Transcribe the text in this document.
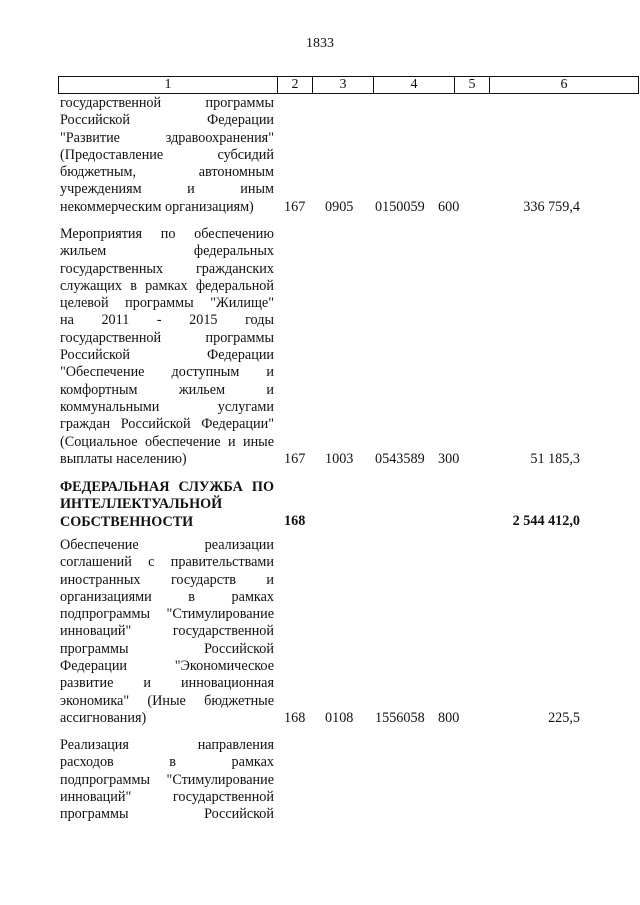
1833
1	2	3	4	5	6
государственной программы
Российской Федерации
"Развитие здравоохранения"
(Предоставление субсидий
бюджетным, автономным
учреждениям и иным
некоммерческим организациям)	167 0905 0150059 600	336 759,4
Мероприятия по обеспечению
жильем федеральных
государственных гражданских
служащих в рамках федеральной
целевой программы "Жилище"
на 2011 - 2015 годы
государственной программы
Российской Федерации
"Обеспечение доступным и
комфортным жильем и
коммунальными услугами
граждан Российской Федерации"
(Социальное обеспечение и иные
выплаты населению)	167 1003 0543589 300	51 185,3
ФЕДЕРАЛЬНАЯ СЛУЖБА ПО
ИНТЕЛЛЕКТУАЛЬНОЙ
СОБСТВЕННОСТИ	168	2 544 412,0
Обеспечение реализации
соглашений с правительствами
иностранных государств и
организациями в рамках
подпрограммы "Стимулирование
инноваций" государственной
программы Российской
Федерации "Экономическое
развитие и инновационная
экономика" (Иные бюджетные
ассигнования)	168 0108 1556058 800	225,5
Реализация направления
расходов в рамках
подпрограммы "Стимулирование
инноваций" государственной
программы Российской
